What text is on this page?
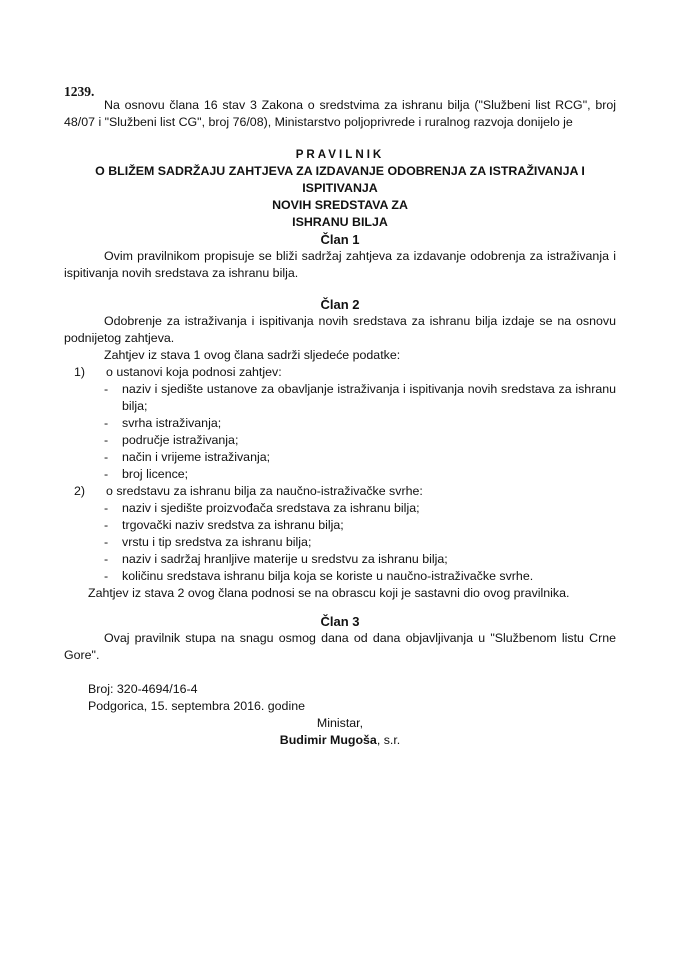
1239.

Na osnovu člana 16 stav 3 Zakona o sredstvima za ishranu bilja ("Službeni list RCG", broj 48/07 i "Službeni list CG", broj 76/08), Ministarstvo poljoprivrede i ruralnog razvoja donijelo je

PRAVILNIK
O BLIŽEM SADRŽAJU ZAHTJEVA ZA IZDAVANJE ODOBRENJA ZA ISTRAŽIVANJA I ISPITIVANJA
NOVIH SREDSTAVA ZA
ISHRANU BILJA
Član 1

Ovim pravilnikom propisuje se bliži sadržaj zahtjeva za izdavanje odobrenja za istraživanja i ispitivanja novih sredstava za ishranu bilja.

Član 2

Odobrenje za istraživanja i ispitivanja novih sredstava za ishranu bilja izdaje se na osnovu podnijetog zahtjeva.

Zahtjev iz stava 1 ovog člana sadrži sljedeće podatke:

1) o ustanovi koja podnosi zahtjev:
- naziv i sjedište ustanove za obavljanje istraživanja i ispitivanja novih sredstava za ishranu bilja;
- svrha istraživanja;
- područje istraživanja;
- način i vrijeme istraživanja;
- broj licence;
2) o sredstavu za ishranu bilja za naučno-istraživačke svrhe:
- naziv i sjedište proizvođača sredstava za ishranu bilja;
- trgovački naziv sredstva za ishranu bilja;
- vrstu i tip sredstva za ishranu bilja;
- naziv i sadržaj hranljive materije u sredstvu za ishranu bilja;
- količinu sredstava ishranu bilja koja se koriste u naučno-istraživačke svrhe.
Zahtjev iz stava 2 ovog člana podnosi se na obrascu koji je sastavni dio ovog pravilnika.
Član 3

Ovaj pravilnik stupa na snagu osmog dana od dana objavljivanja u "Službenom listu Crne Gore".

Broj: 320-4694/16-4
Podgorica, 15. septembra 2016. godine
Ministar,
Budimir Mugoša, s.r.
